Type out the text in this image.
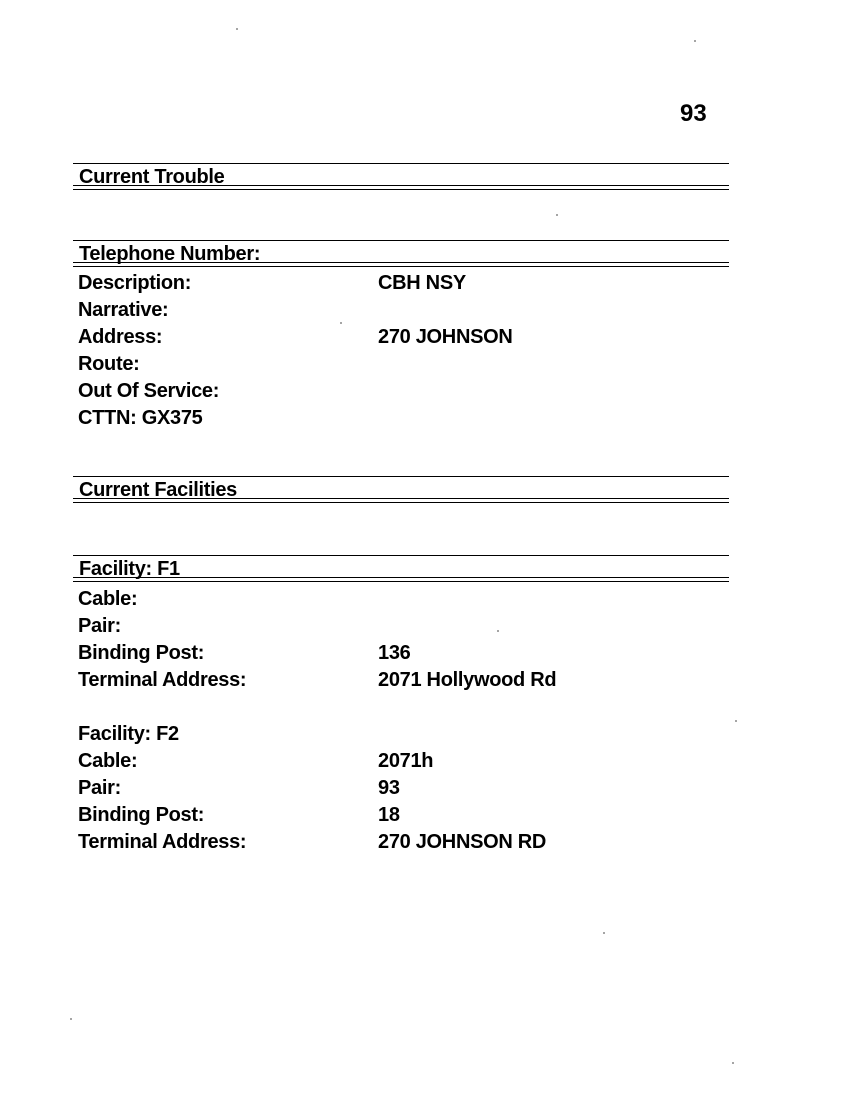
93
Current Trouble
Telephone Number:
Description:	CBH NSY
Narrative:
Address:	270 JOHNSON
Route:
Out Of Service:
CTTN: GX375
Current Facilities
Facility: F1
Cable:
Pair:
Binding Post:	136
Terminal Address:	2071 Hollywood Rd
Facility: F2
Cable:	2071h
Pair:	93
Binding Post:	18
Terminal Address:	270 JOHNSON RD
